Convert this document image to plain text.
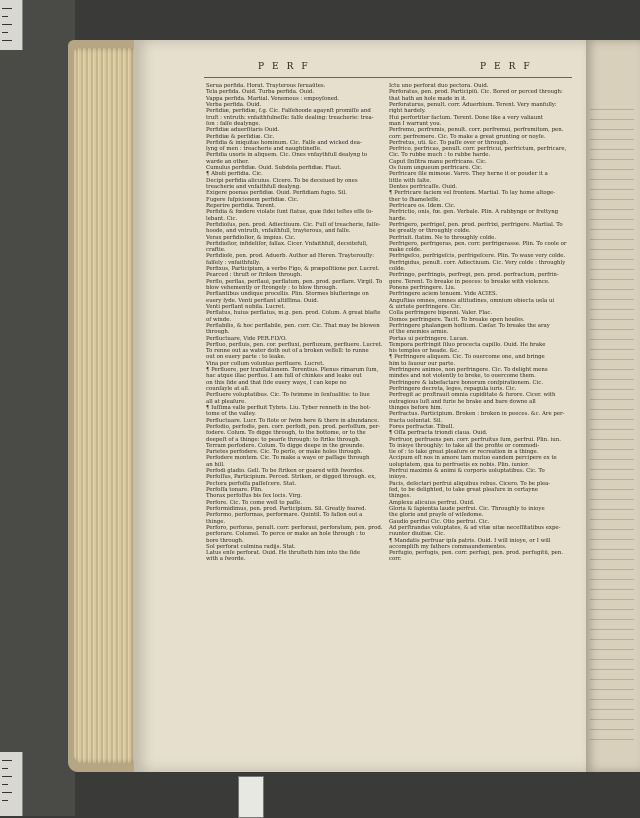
PERF	PERF
Serua perfida. Horat. Trayterous ſeruaūtes.
Tela perfida. Ouid. Turba perfida. Ouid.
Vappa perfida. Martial. Venemous : empoyſoned.
Verba perfida. Ouid.
Perfidiæ, perfidiæ, f.g. Cic. Falſehoode agaynſt promiſſe and
truſt : vntruth: vnfaithfulneſſe: falſe dealing: treacherie: trea-
ſon : falſe dealynge.
Perfidiæ aduerſitaris Ouid.
Perfidiæ & perſidiæ. Cic.
Perfidia & iniquitas hominum. Cic. Falſe and wicked dea-
lyng of men : treacherie and naughtineſſe.
Perfidia uxoris in aliquem. Cic. Ones vnfaythfull dealyng to
warde an other.
Cumulus perfidiæ. Ouid. Subdola perfidiæ. Flaut.
¶ Abuti perfidia. Cic.
Decipi perfidia alicuius. Cicero. To be deceiued by ones
treacherie and vnfaithfull dealyng.
Exigere poenas perfidiæ. Ouid. Perfidiam fugio. Sil.
Fugere ſuſpicionem perfidiæ. Cic.
Reperire perfidia. Terent.
Perfidia & fœdere violate ſunt ſtatue, quæ ſidei teſtes eſſe ſo-
lebant. Cic.
Perfidioſus, pen. prod. Adiectiuum. Cic. Full of treacherie, falſe-
hoode, and vntruth, vnfaithfull, trayterous, and falſe.
Verax perfidioſior, & impius. Cic.
Perfidioſior, infideliſor, fallax. Cicer. Vnfaithfull, deceitefull,
craftie.
Perfidioſè, pen. prod. Aduerb. Author ad Heren. Trayterouſly:
falſely : vnfaithfully.
Perfixus, Participium, à verbo Figo, & præpoſitione per. Lucret.
Pearced : thruſt or ſtriken through.
Perflo, perflas, perflaui, perflatum, pen. prod. perflare. Virgil. To
blow vehemently or ſtrongely : to blow through.
Perflantibus undique procellis. Plin. Stormes bluſteringe on
euery ſyde. Venti perflant altiſſima. Ouid.
Venti perflant nubila. Lucret.
Perflatus, huius perflatus, m.g. pen. prod. Colum. A great blaſte
of winde.
Perflabilis, & hoc perflabile, pen. corr. Cic. That may be blowen
through.
Perfluctuare, Vide PER.FLVO.
Perfluo, perfluis, pen. cor. perfluxi, perfluxum, perfluere. Lucret.
To renne out as water doth out of a broken veſſell: to runne
out on euery parte : to leake.
Vina per collum voluntas perfluere. Lucret.
¶ Perfluere, per tranſlationem. Terentius. Plenus rimarum ſum,
hac atque illac perfluo. I am full of chinkes and leake out
on this ſide and that ſide euery waye, I can kepe no
counſayle at all.
Perfluere voluptatibus. Cic. To ſwimme in ſenſualitie: to liue
all at pleaſure.
¶ Iuſſima valle perfluit Tybris. Liu. Tyber renneth in the bot-
tome of the valley.
Perfluctuare. Lucr. To flote or ſwim here & there in abundance.
Perfodio, perfodis, pen. corr. perfodi, pen. prod. perfoſſum, per-
fodere. Colum. To digge through, to the bottome, or to the
deepeſt of a thinge: to pearſe through: to ſtrike through.
Terram perfodere. Colum. To digge deepe in the grounde.
Parietes perfodere. Cic. To perſe, or make holes through.
Perfodere montem. Cic. To make a waye or paſſage through
an hill.
Perfodi gladio. Gell. To be ſtriken or goared with ſwordes.
Perfoſſus, Participium. Perced. Striken, or digged through. ex,
Pectora perfoſſa paſſeſcere. Stat.
Perfoſſa tonare. Plin.
Thorax perfoſſus bis ſex locis. Virg.
Perfore. Cic. To come well to paſſe.
Performidimus, pen. prod. Participium. Sil. Greatly feared.
Performo, performas, performare. Quintil. To faſion out a
thinge.
Perforo, perforas, penult. corr. perforaui, perforatum, pen. prod.
perforare. Columel. To perce or make an hole through : to
bore through.
Sol perforat culmina radijs. Stat.
Latus enſe perforat. Ouid. He thruſteth him into the ſide
with a ſworde.
Ictu uno perforat duo pectora. Ouid.
Perforatus, pen. prod. Participiū. Cic. Bored or perced through:
that hath an hole made in it.
Perforaturus, penult. corr. Aduerbium. Terent. Very manfully:
right hardely.
Hui perfortiter factum. Terent. Done like a very valiaunt
man I warrant you.
Perfremo, perfremis, penult. corr. perfremui, perfremitum, pen.
corr. perfremere. Cic. To make a great grunting or noyſe.
Perfretus, uti. &c. To paſſe over or through.
Perfrico, perfricas, penult. corr. perfricui, perfrictum, perfricare,
Cic. To rubbe much : to rubbe harde.
Caput ſinſitra manu perfricans. Cic.
Os ſuum ungueum perfricare. Cic.
Perfricare ſile mimoue. Varro. They herne it or pouder it a
little with ſalte.
Dentes perfricaſſe. Ouid.
¶ Perfricare faciem vel frontem. Martial. To lay home altoge-
ther to ſhameleſſe.
Perfricare os. Idem. Cic.
Perfrictio, onis, fœ. gen. Verbale. Plin. A rubbynge or frettyng
harde.
Perfrigero, perfrigeſ, pen. prod. perfrixi, perfrigere. Martial. To
be greatly or throughly colde.
Perfrixit. ſtatim. Ne to throughly colde.
Perfrigero, perfrigeras, pen. corr. perfrigerasse. Plin. To coole or
make colde.
Perfrigeſco, perfrigeſcis, perfrigeſcere. Plin. To waxe very colde.
Perfrigidus, penult. corr. Adiectiuum. Cic. Very colde : throughly
colde.
Perfringo, perfringis, perfregi, pen. prod. perfractum, perfrin-
gere. Terent. To breake in peeces: to breake with violence.
Ponens perfringere. Liu.
Perfringere aciem tenuem. Vide ACIES.
Anguſtias omnes, omnes altitudines, omnium obiecta uela ui
& uirtute perfringere. Cic.
Colla perfringere bipenni. Valer. Flac.
Domos perfringere. Tacit. To breake open houſes.
Perfringere phalangem hoſtium. Cæſar. To breake the aray
of the enemies armie.
Portas ui perfringere. Lucan.
Tempora perfringit ſiluo procecta capillo. Ouid. He brake
his temples or heade. &c.
¶ Perfringere aliquem. Cic. To ouercome one, and bringe
him to ſauour our parte.
Perfringere animos, non perfringere. Cic. To delight mens
mindes and not violently to breke, to ouercome them.
Perfringere & labefactare bonorum conſpirationem. Cic.
Perfringere decreta, leges, repagula iuris. Cic.
Perfregit ac proſtrauit omnia cupiditate & furore. Cicer. with
outragious luſt and furie he brake and bare downe all
thinges before him.
Perfractus. Participium. Broken : broken in peeces. &c. Are per-
fracta uoluntat. Sil.
Fores perfractæ. Tibull.
¶ Oſſa perfracta triondi claua. Ouid.
Perfruor, perfruens pen. corr. perfruitus ſum, perfrui. Plin. iun.
To inioye throughly: to take all the profite or commodi-
tie of : to take great pleaſure or recreation in a thinge.
Accipum eſt nos in amore tam mutuo eandem percipere ex te
uoluptatem, qua tu perfruetis ex nobis. Plin. iunior.
Perfrui maximis & animi & corporis uoluptatibus. Cic. To
inioye.
Pacis, deſectari perfrui aliquibus rebus. Cicero. To be plea-
ſed, to be delighted, to take great pleaſure in certayne
thinges.
Amplexu alicuius perfrui. Ouid.
Gloria & ſapientia laude perfrui. Cic. Throughly to inioye
the glorie and prayſe of wiſedome.
Gaudio perfrui Cic. Otio perfrui. Cic.
Ad perſtrandas voluptates, & ad vitæ uitæ neceſſitatibus expe-
ruunter diuitiæ. Cic.
¶ Mandatis perfruar ipſa patris. Ouid. I will inioye, or I will
accompliſh my fathers commaundementes.
Perfugio, perfugis, pen. corr. perfugi, pen. prod. perfugitū, pen.
corr.
